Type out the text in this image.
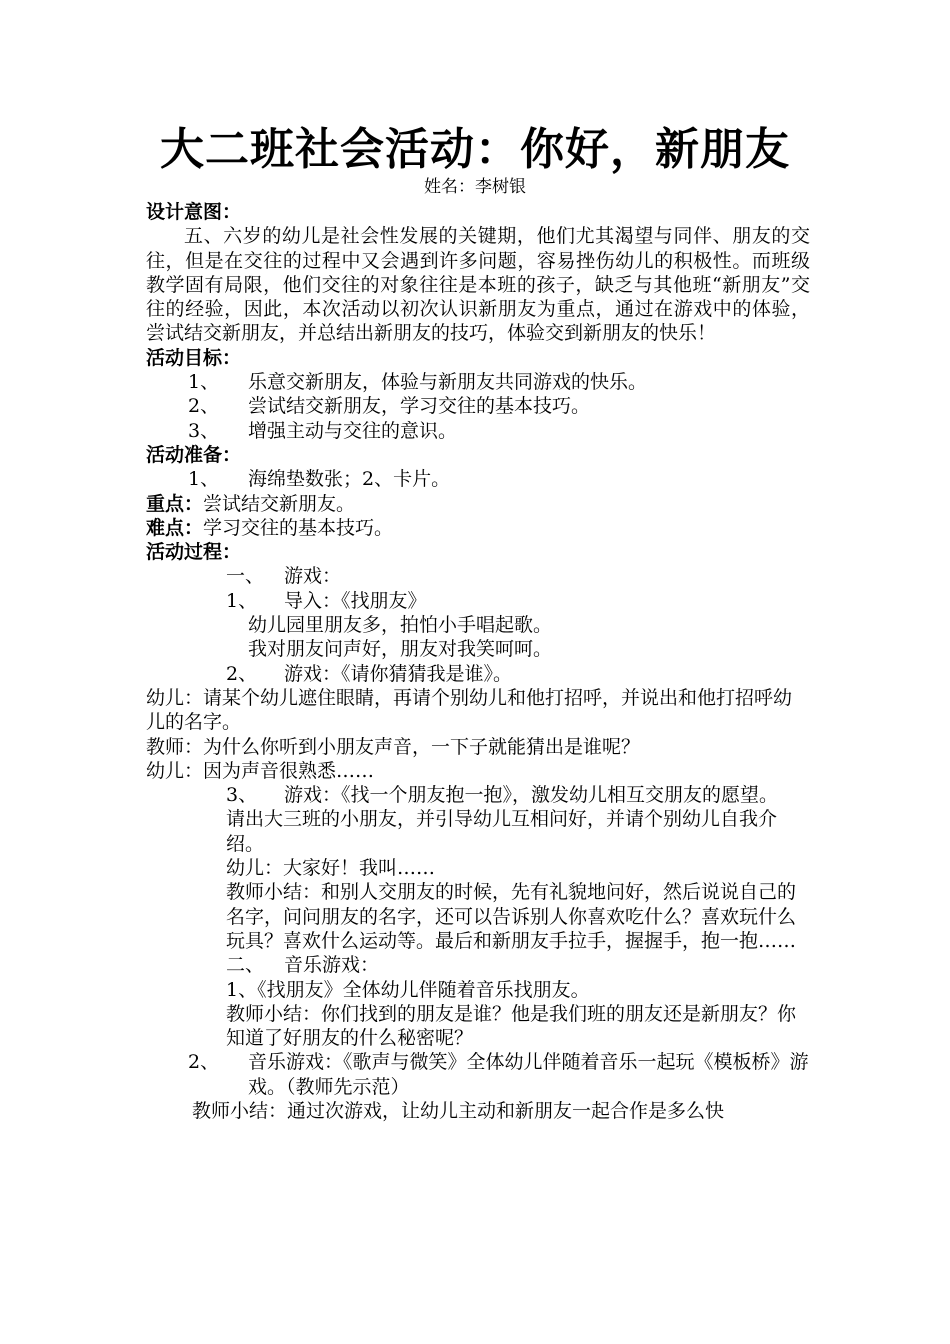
大二班社会活动：你好，新朋友
姓名：李树银

设计意图：

五、六岁的幼儿是社会性发展的关键期，他们尤其渴望与同伴、朋友的交往，但是在交往的过程中又会遇到许多问题，容易挫伤幼儿的积极性。而班级教学固有局限，他们交往的对象往往是本班的孩子，缺乏与其他班“新朋友”交往的经验，因此，本次活动以初次认识新朋友为重点，通过在游戏中的体验，尝试结交新朋友，并总结出新朋友的技巧，体验交到新朋友的快乐！

活动目标：

1、	乐意交新朋友，体验与新朋友共同游戏的快乐。
2、	尝试结交新朋友，学习交往的基本技巧。
3、	增强主动与交往的意识。

活动准备：

1、	海绵垫数张；2、卡片。

重点：尝试结交新朋友。

难点：学习交往的基本技巧。

活动过程：

一、	游戏：
1、	导入：《找朋友》

幼儿园里朋友多，拍怕小手唱起歌。

我对朋友问声好，朋友对我笑呵呵。

2、	游戏：《请你猜猜我是谁》。

幼儿：请某个幼儿遮住眼睛，再请个别幼儿和他打招呼，并说出和他打招呼幼儿的名字。

教师：为什么你听到小朋友声音，一下子就能猜出是谁呢？

幼儿：因为声音很熟悉……

3、	游戏：《找一个朋友抱一抱》，激发幼儿相互交朋友的愿望。

请出大三班的小朋友，并引导幼儿互相问好，并请个别幼儿自我介绍。

幼儿：大家好！我叫……

教师小结：和别人交朋友的时候，先有礼貌地问好，然后说说自己的名字，问问朋友的名字，还可以告诉别人你喜欢吃什么？喜欢玩什么玩具？喜欢什么运动等。最后和新朋友手拉手，握握手，抱一抱……

二、	音乐游戏：

1、《找朋友》全体幼儿伴随着音乐找朋友。

教师小结：你们找到的朋友是谁？他是我们班的朋友还是新朋友？你知道了好朋友的什么秘密呢？

2、	音乐游戏：《歌声与微笑》全体幼儿伴随着音乐一起玩《模板桥》游戏。（教师先示范）

教师小结：通过次游戏，让幼儿主动和新朋友一起合作是多么快
